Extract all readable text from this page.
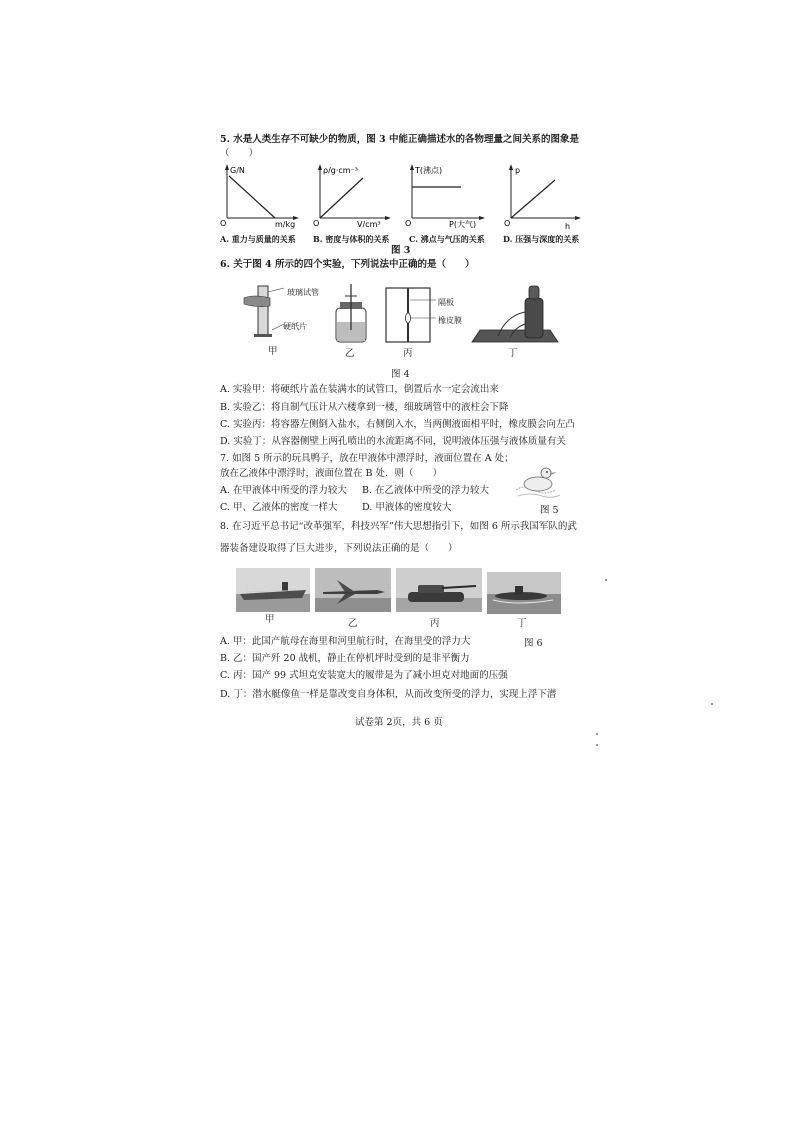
5. 水是人类生存不可缺少的物质，图 3 中能正确描述水的各物理量之间关系的图象是
（　　）
G/N
m/kg
O
ρ/g·cm⁻³
V/cm³
O
T(沸点)
P(大气)
O
p
h
O
A. 重力与质量的关系 B. 密度与体积的关系 C. 沸点与气压的关系 D. 压强与深度的关系
图 3
6. 关于图 4 所示的四个实验，下列说法中正确的是（　　）
玻璃试管
硬纸片
隔板
橡皮膜
甲	乙	丙	丁
图 4
A. 实验甲：将硬纸片盖在装满水的试管口，倒置后水一定会流出来
B. 实验乙：将自制气压计从六楼拿到一楼，细玻璃管中的液柱会下降
C. 实验丙：将容器左侧倒入盐水，右侧倒入水，当两侧液面相平时，橡皮膜会向左凸
D. 实验丁：从容器侧壁上两孔喷出的水流距离不同，说明液体压强与液体质量有关
7. 如图 5 所示的玩具鸭子，放在甲液体中漂浮时，液面位置在 A 处；
放在乙液体中漂浮时，液面位置在 B 处．则（　　）
A. 在甲液体中所受的浮力较大 B. 在乙液体中所受的浮力较大
C. 甲、乙液体的密度一样大	D. 甲液体的密度较大	图 5
8. 在习近平总书记“改革强军，科技兴军”伟大思想指引下，如图 6 所示我国军队的武
器装备建设取得了巨大进步，下列说法正确的是（　　）
甲	乙	丙	丁
图 6
A. 甲：此国产航母在海里和河里航行时，在海里受的浮力大
B. 乙：国产歼 20 战机，静止在停机坪时受到的是非平衡力
C. 丙：国产 99 式坦克安装宽大的履带是为了减小坦克对地面的压强
D. 丁：潜水艇像鱼一样是靠改变自身体积，从而改变所受的浮力，实现上浮下潜
试卷第 2页，共 6 页
